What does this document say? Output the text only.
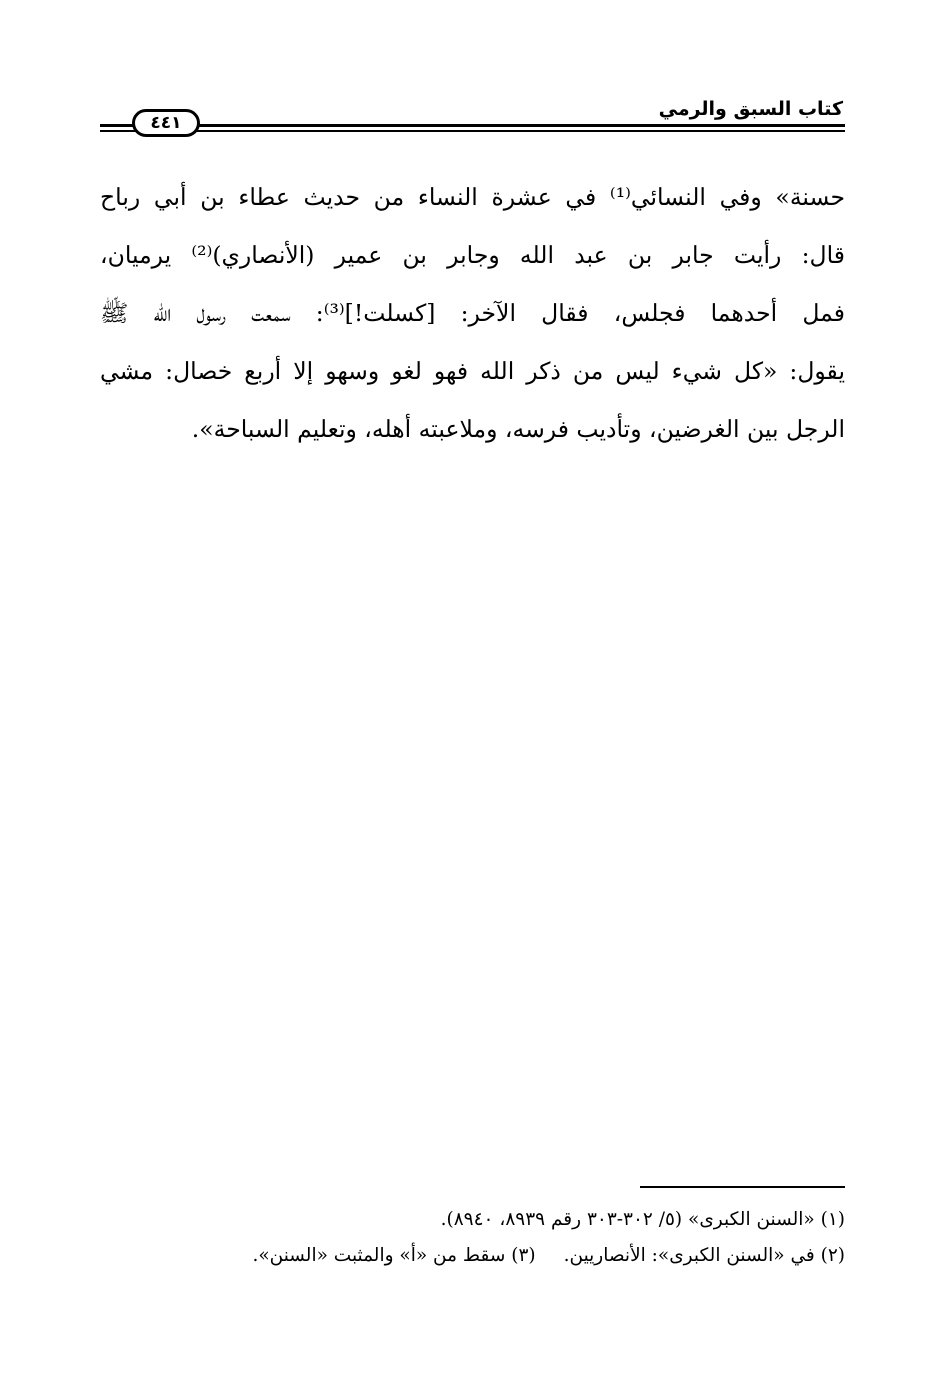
كتاب السبق والرمي
٤٤١
حسنة» وفي النسائي⁽¹⁾ في عشرة النساء من حديث عطاء بن أبي رباح
قال: رأيت جابر بن عبد الله وجابر بن عمير (الأنصاري)⁽²⁾ يرميان،
فمل أحدهما فجلس، فقال الآخر: [كسلت!]⁽³⁾: سمعت رسول الله ﷺ
يقول: «كل شيء ليس من ذكر الله فهو لغو وسهو إلا أربع خصال: مشي
الرجل بين الغرضين، وتأديب فرسه، وملاعبته أهله، وتعليم السباحة».
(١) «السنن الكبرى» (٥/ ٣٠٢-٣٠٣ رقم ٨٩٣٩، ٨٩٤٠).
(٢) في «السنن الكبرى»: الأنصاريين.(٣) سقط من «أ» والمثبت «السنن».
